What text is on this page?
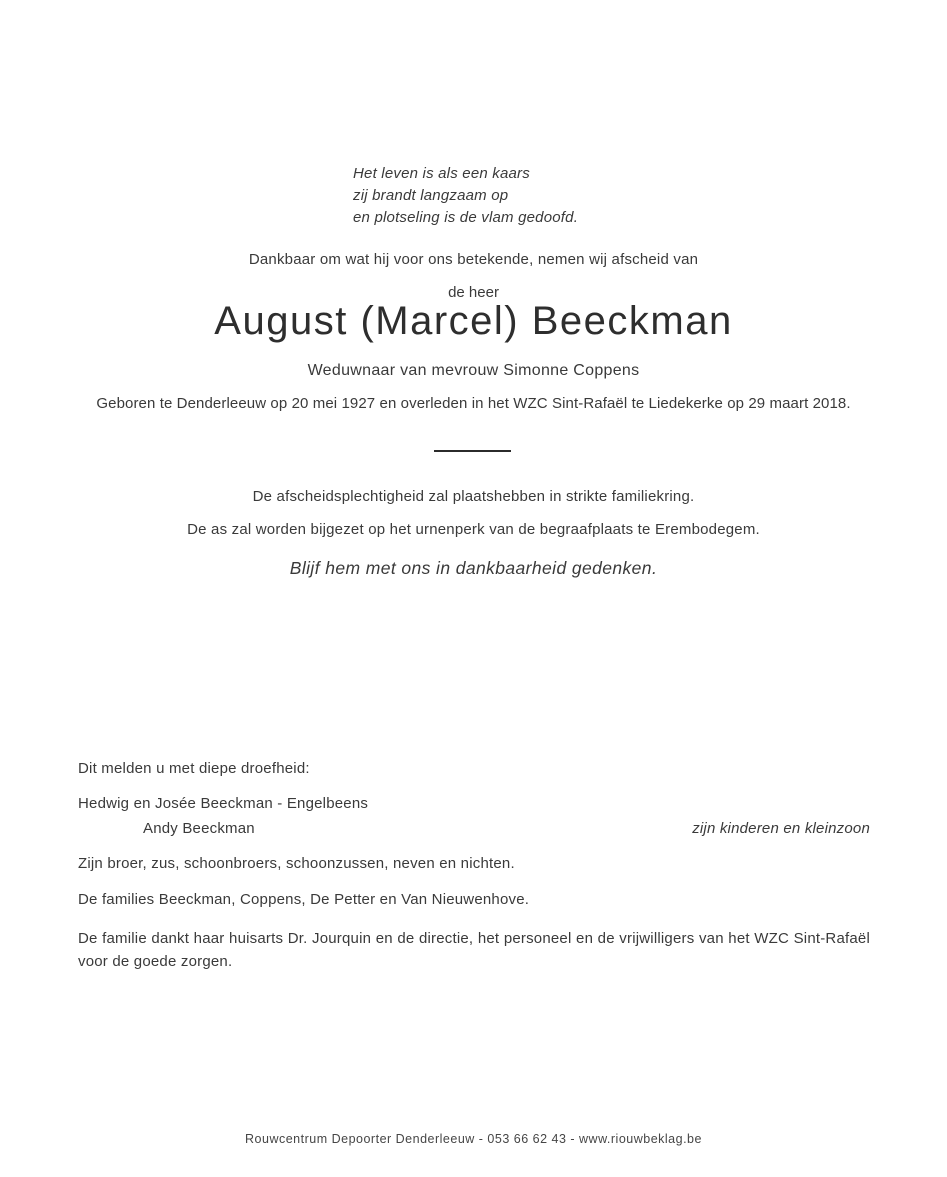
Het leven is als een kaars
zij brandt langzaam op
en plotseling is de vlam gedoofd.
Dankbaar om wat hij voor ons betekende, nemen wij afscheid van
de heer
August (Marcel) Beeckman
Weduwnaar van mevrouw Simonne Coppens
Geboren te Denderleeuw op 20 mei 1927 en overleden in het WZC Sint-Rafaël te Liedekerke op 29 maart 2018.
De afscheidsplechtigheid zal plaatshebben in strikte familiekring.
De as zal worden bijgezet op het urnenperk van de begraafplaats te Erembodegem.
Blijf hem met ons in dankbaarheid gedenken.
Dit melden u met diepe droefheid:
Hedwig en Josée Beeckman - Engelbeens
Andy Beeckman	zijn kinderen en kleinzoon
Zijn broer, zus, schoonbroers, schoonzussen, neven en nichten.
De families Beeckman, Coppens, De Petter en Van Nieuwenhove.
De familie dankt haar huisarts Dr. Jourquin en de directie, het personeel en de vrijwilligers van het WZC Sint-Rafaël voor de goede zorgen.
Rouwcentrum Depoorter Denderleeuw - 053 66 62 43 - www.riouwbeklag.be
